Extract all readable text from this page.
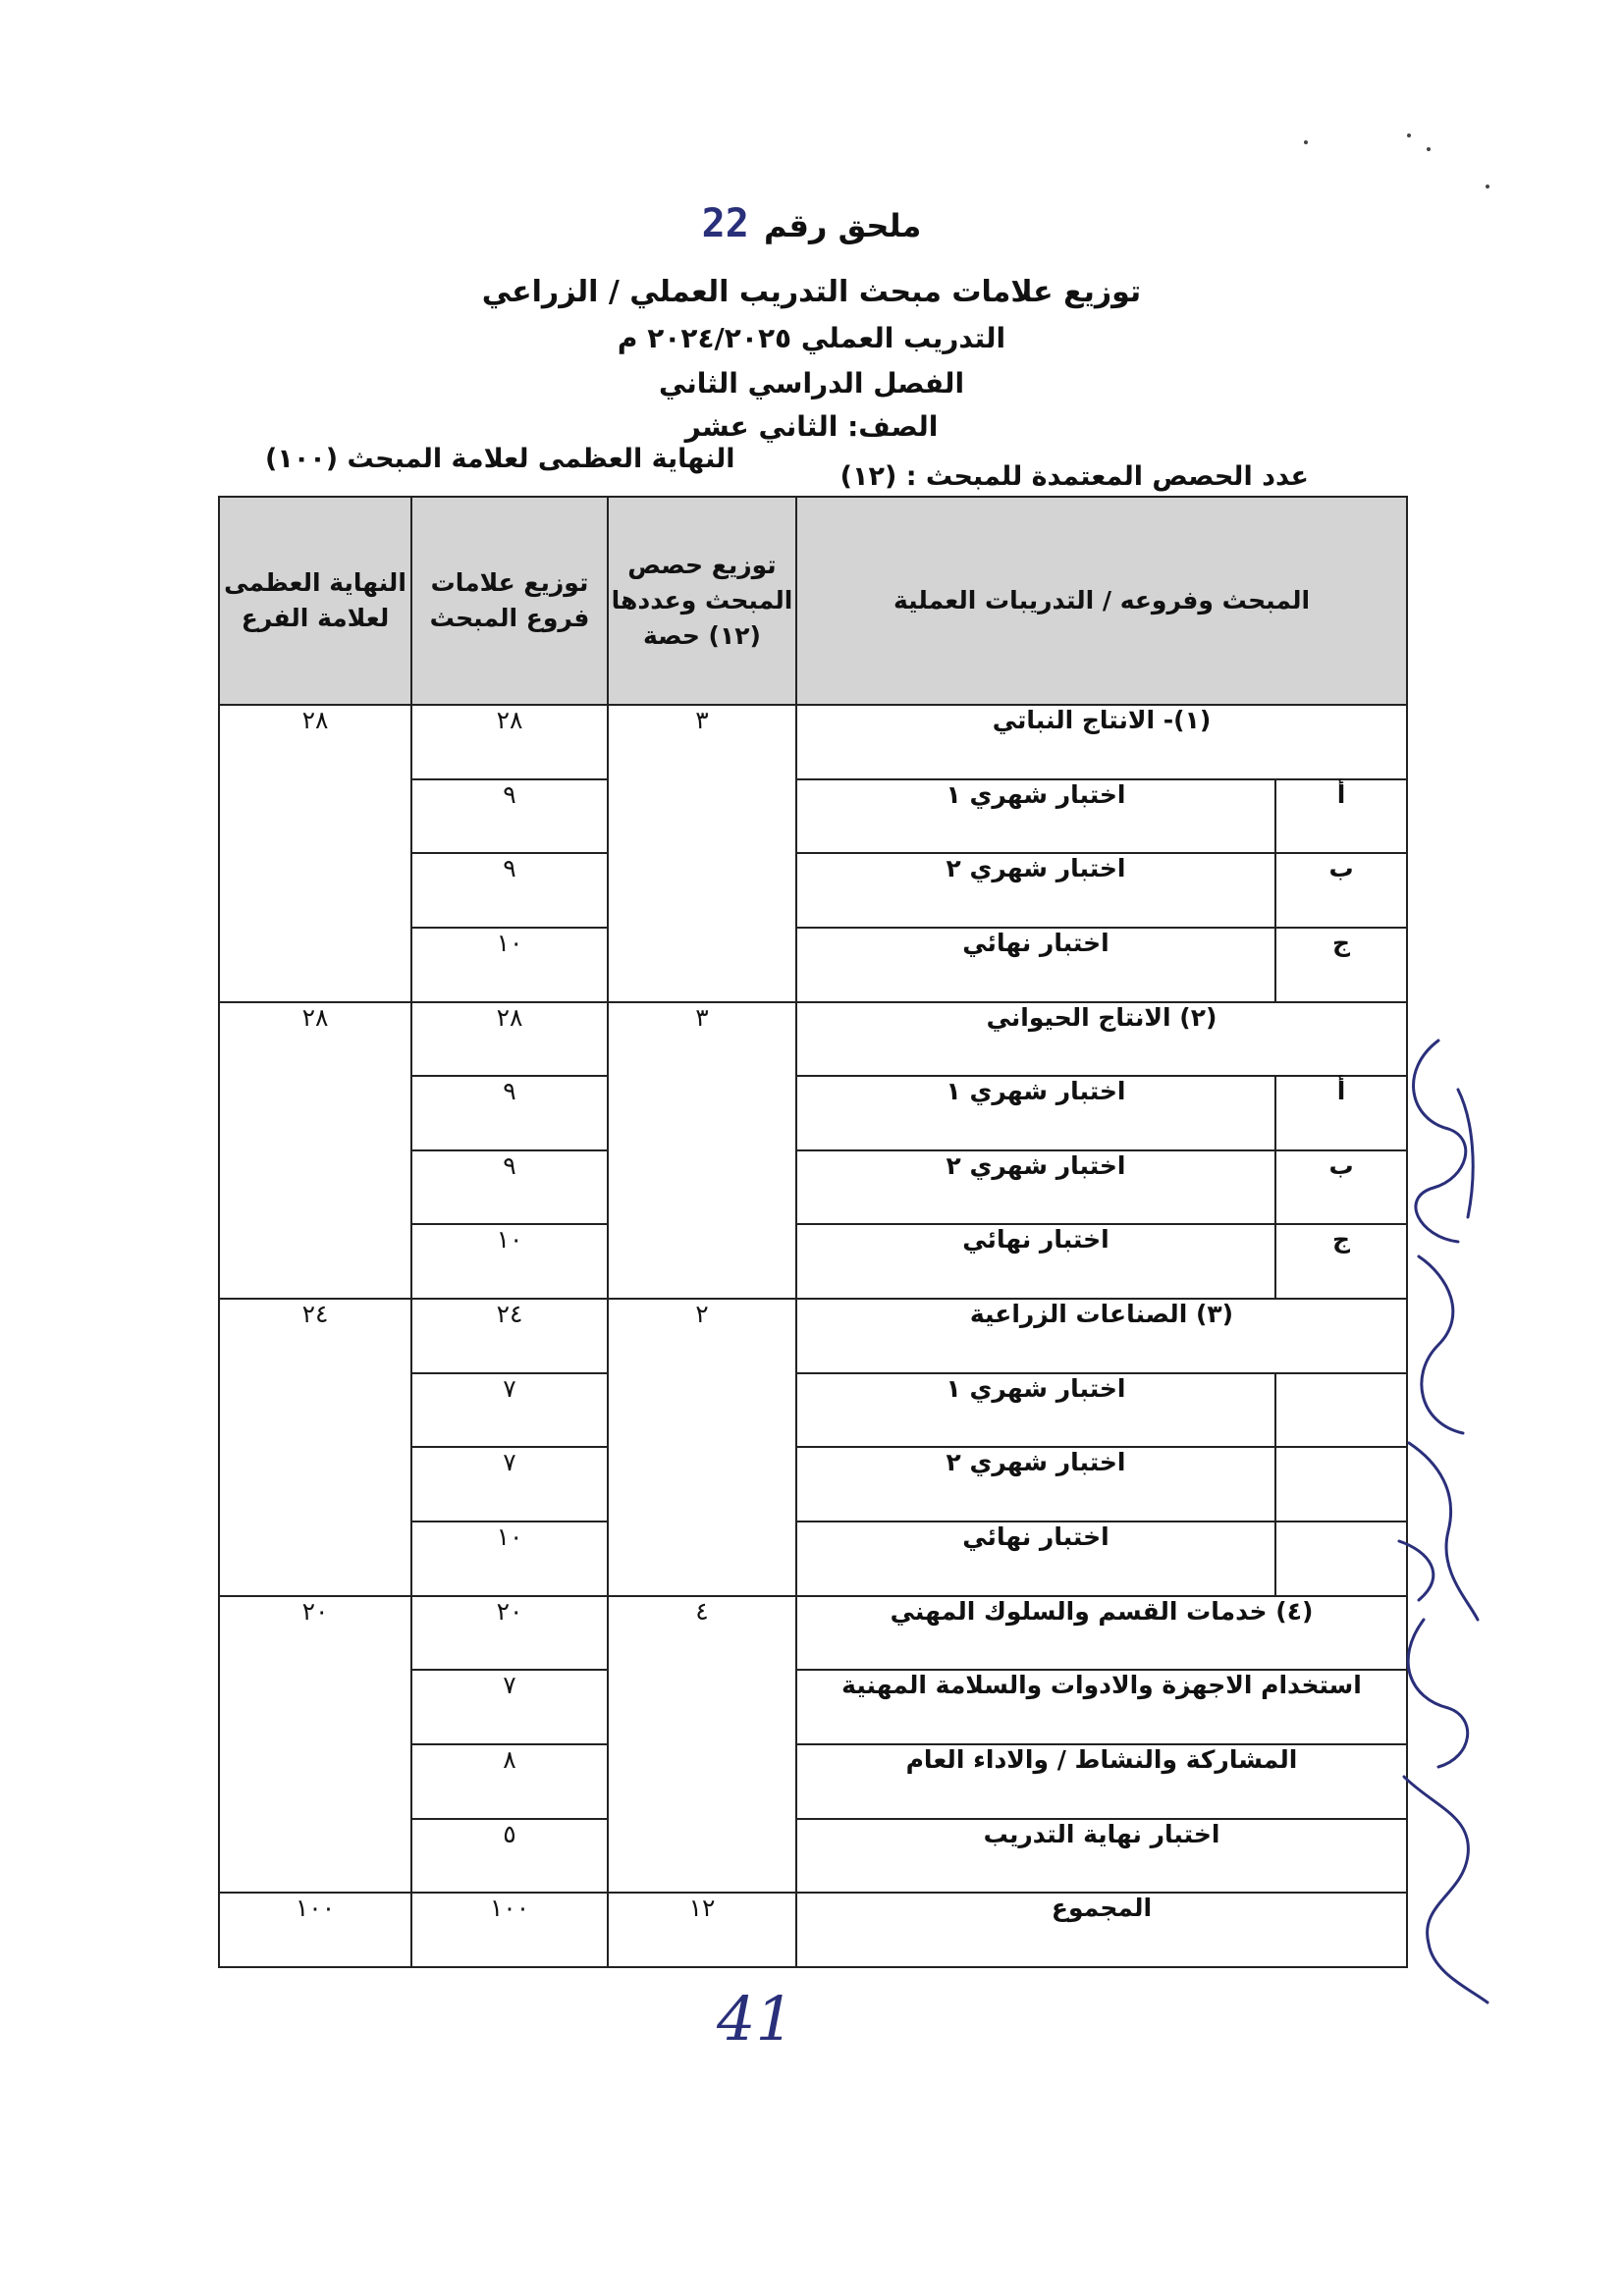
ملحق رقم 22
توزيع علامات مبحث التدريب العملي / الزراعي
التدريب العملي ٢٠٢٤/٢٠٢٥ م
الفصل الدراسي الثاني
الصف: الثاني عشر
النهاية العظمى لعلامة المبحث (١٠٠)
عدد الحصص المعتمدة للمبحث : (١٢)
المبحث وفروعه / التدريبات العملية		توزيع حصص المبحث وعددها (١٢) حصة	توزيع علامات فروع المبحث	النهاية العظمى لعلامة الفرع
(١)- الانتاج النباتي		٣	٢٨	٢٨
أ	اختبار شهري ١		٩	
ب	اختبار شهري ٢		٩	
ج	اختبار نهائي		١٠	
(٢) الانتاج الحيواني		٣	٢٨	٢٨
أ	اختبار شهري ١		٩	
ب	اختبار شهري ٢		٩	
ج	اختبار نهائي		١٠	
(٣) الصناعات الزراعية		٢	٢٤	٢٤
	اختبار شهري ١		٧	
	اختبار شهري ٢		٧	
	اختبار نهائي		١٠	
(٤) خدمات القسم والسلوك المهني		٤	٢٠	٢٠
استخدام الاجهزة والادوات والسلامة المهنية			٧	
المشاركة والنشاط / والاداء العام			٨	
اختبار نهاية التدريب			٥	
المجموع		١٢	١٠٠	١٠٠
41
